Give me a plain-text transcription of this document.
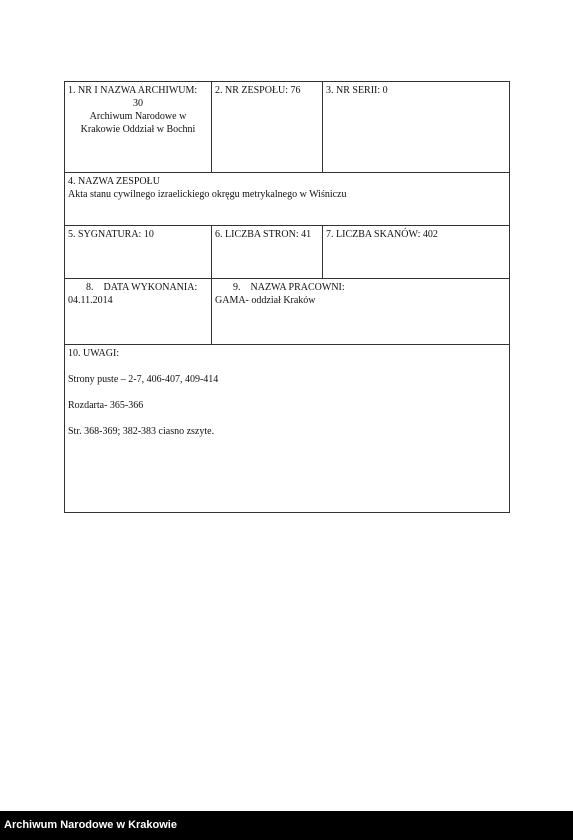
1. NR I NAZWA ARCHIWUM:
30
Archiwum Narodowe w
Krakowie Oddział w Bochni
2. NR ZESPOŁU: 76	3. NR SERII: 0
4. NAZWA ZESPOŁU
Akta stanu cywilnego izraelickiego okręgu metrykalnego w Wiśniczu
5. SYGNATURA: 10	6. LICZBA STRON: 41	7. LICZBA SKANÓW: 402
8.    DATA WYKONANIA:
04.11.2014
9.    NAZWA PRACOWNI:
GAMA- oddział Kraków
10. UWAGI:
Strony puste – 2-7, 406-407, 409-414
Rozdarta- 365-366
Str. 368-369; 382-383 ciasno zszyte.
Archiwum Narodowe w Krakowie
